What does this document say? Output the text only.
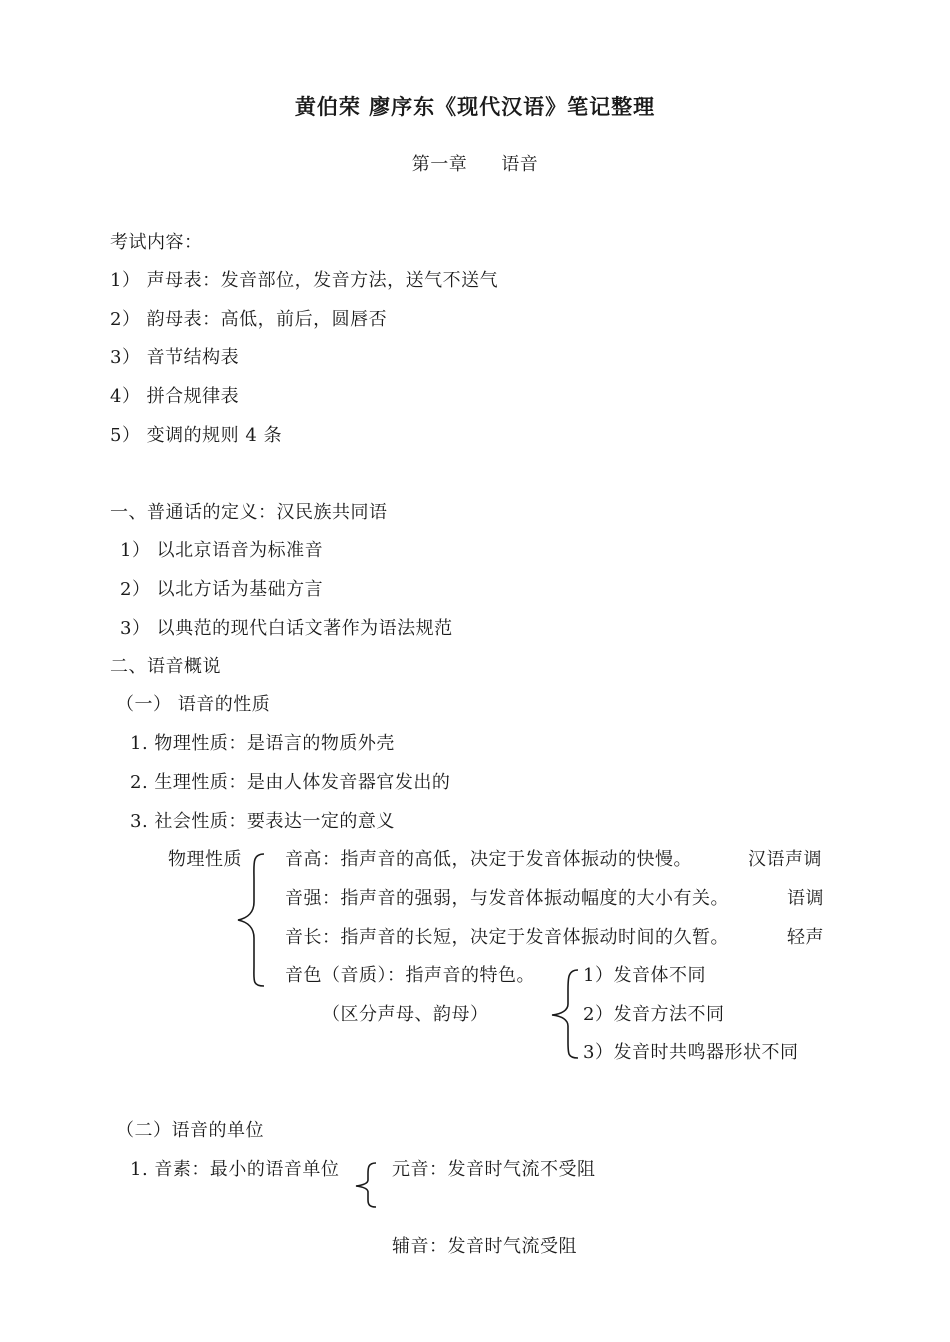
黄伯荣 廖序东《现代汉语》笔记整理
第一章 语音
考试内容：
1） 声母表：发音部位，发音方法，送气不送气
2） 韵母表：高低，前后，圆唇否
3） 音节结构表
4） 拼合规律表
5） 变调的规则 4 条
一、普通话的定义：汉民族共同语
1） 以北京语音为标准音
2） 以北方话为基础方言
3） 以典范的现代白话文著作为语法规范
二、语音概说
（一） 语音的性质
1. 物理性质：是语言的物质外壳
2. 生理性质：是由人体发音器官发出的
3. 社会性质：要表达一定的意义
物理性质 音高：指声音的高低，决定于发音体振动的快慢。
音强：指声音的强弱，与发音体振动幅度的大小有关。
音长：指声音的长短，决定于发音体振动时间的久暂。
音色（音质）：指声音的特色。
汉语声调
语调
轻声
（区分声母、韵母）
1）发音体不同
2）发音方法不同
3）发音时共鸣器形状不同
（二）语音的单位
1. 音素：最小的语音单位	元音：发音时气流不受阻
辅音：发音时气流受阻
